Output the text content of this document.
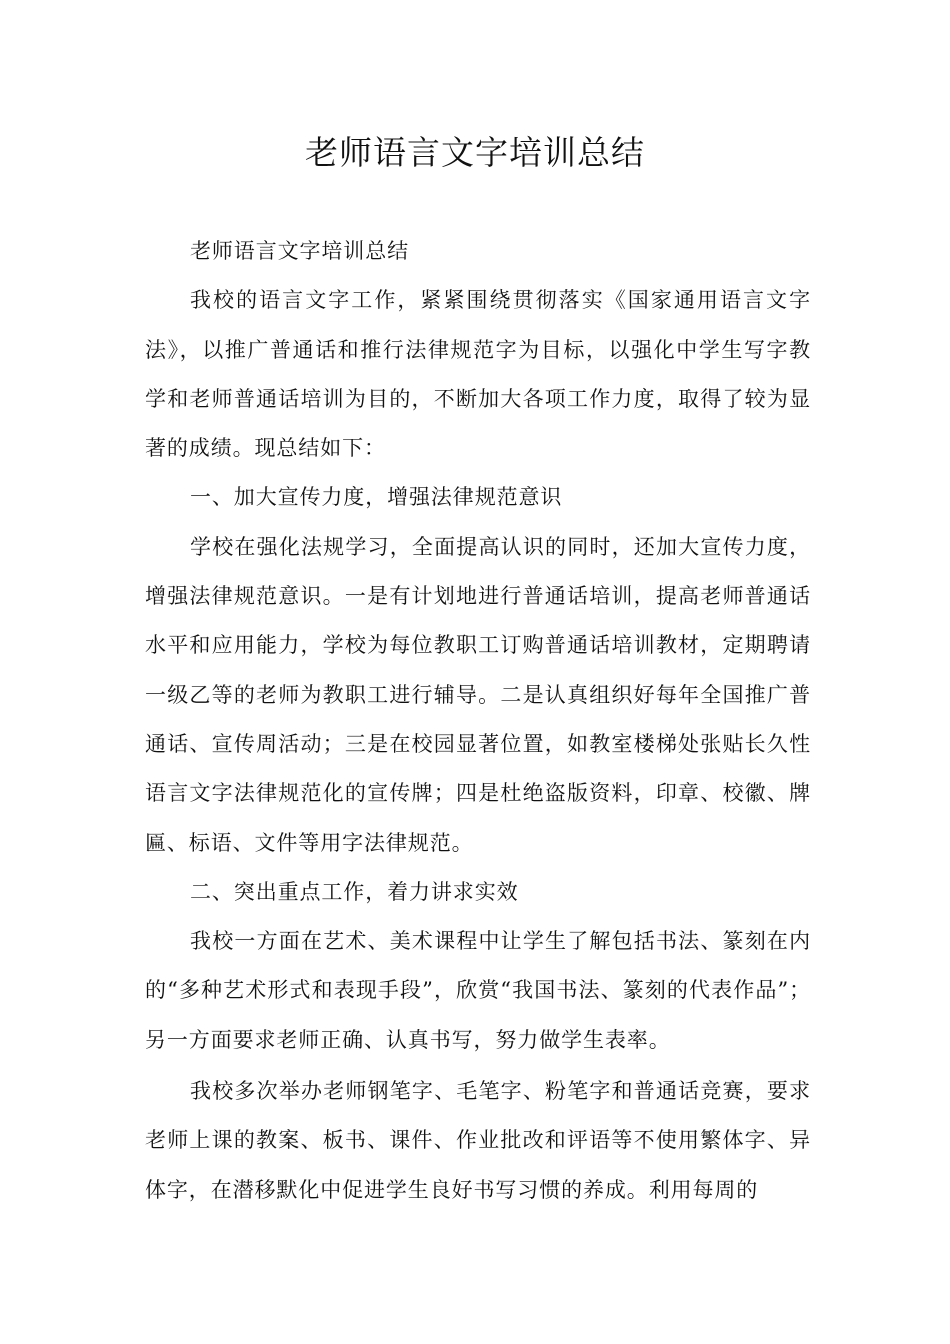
老师语言文字培训总结

老师语言文字培训总结

我校的语言文字工作，紧紧围绕贯彻落实《国家通用语言文字法》，以推广普通话和推行法律规范字为目标，以强化中学生写字教学和老师普通话培训为目的，不断加大各项工作力度，取得了较为显著的成绩。现总结如下：

一、加大宣传力度，增强法律规范意识

学校在强化法规学习，全面提高认识的同时，还加大宣传力度，增强法律规范意识。一是有计划地进行普通话培训，提高老师普通话水平和应用能力，学校为每位教职工订购普通话培训教材，定期聘请一级乙等的老师为教职工进行辅导。二是认真组织好每年全国推广普通话、宣传周活动；三是在校园显著位置，如教室楼梯处张贴长久性语言文字法律规范化的宣传牌；四是杜绝盗版资料，印章、校徽、牌匾、标语、文件等用字法律规范。

二、突出重点工作，着力讲求实效

我校一方面在艺术、美术课程中让学生了解包括书法、篆刻在内的“多种艺术形式和表现手段”，欣赏“我国书法、篆刻的代表作品”；另一方面要求老师正确、认真书写，努力做学生表率。

我校多次举办老师钢笔字、毛笔字、粉笔字和普通话竞赛，要求老师上课的教案、板书、课件、作业批改和评语等不使用繁体字、异体字，在潜移默化中促进学生良好书写习惯的养成。利用每周的
